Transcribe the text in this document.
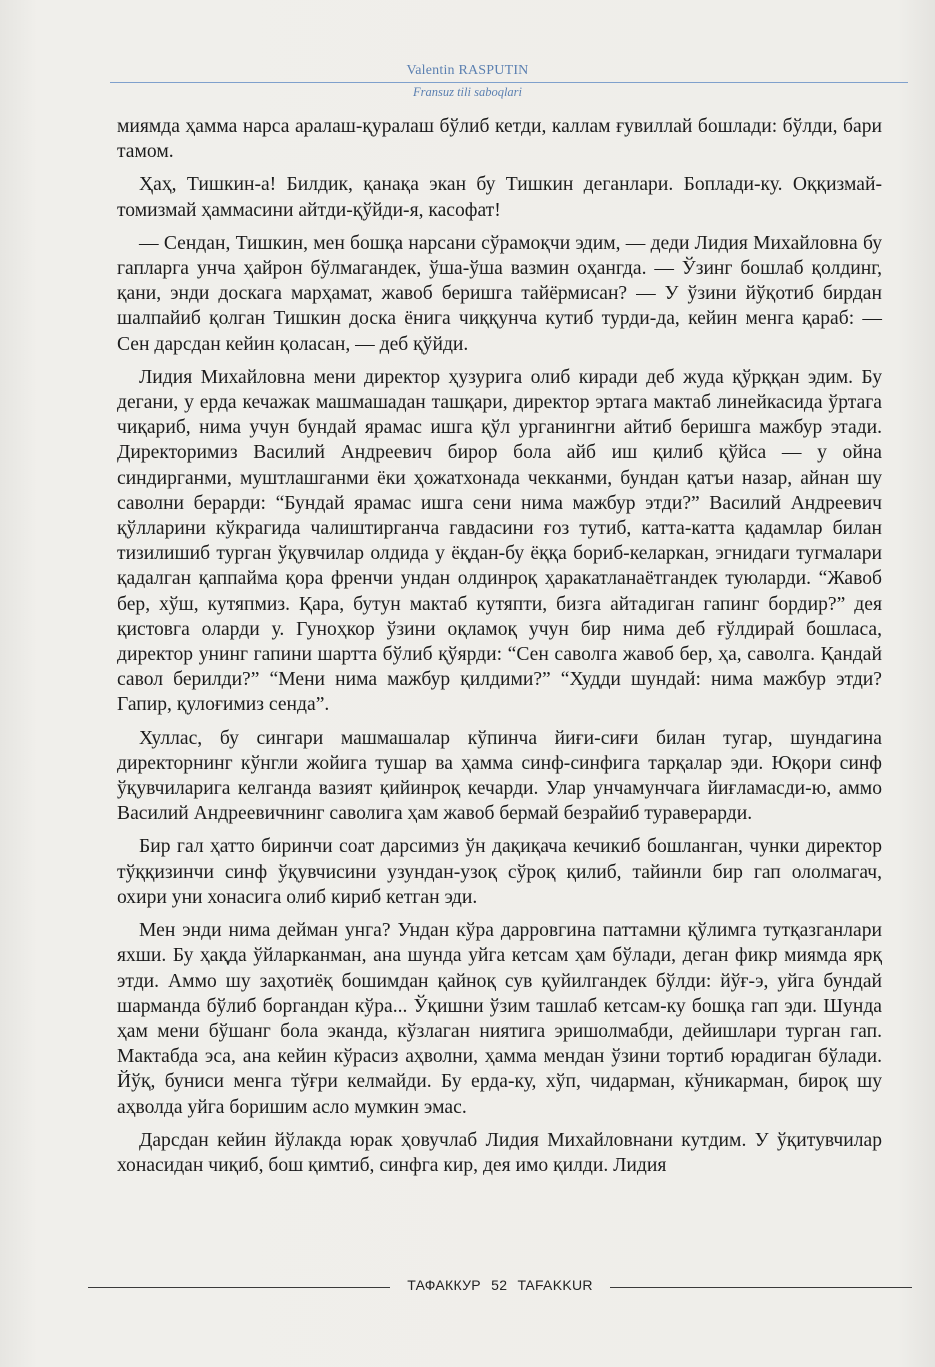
Valentin RASPUTIN
Fransuz tili saboqlari

миямда ҳамма нарса аралаш-қуралаш бўлиб кетди, каллам ғувиллай бошлади: бўлди, бари тамом.

Ҳаҳ, Тишкин-а! Билдик, қанақа экан бу Тишкин деганлари. Боплади-ку. Оққизмай-томизмай ҳаммасини айтди-қўйди-я, касофат!

— Сендан, Тишкин, мен бошқа нарсани сўрамоқчи эдим, — деди Лидия Михайловна бу гапларга унча ҳайрон бўлмагандек, ўша-ўша вазмин оҳангда. — Ўзинг бошлаб қолдинг, қани, энди доскага марҳамат, жавоб беришга тайёрмисан? — У ўзини йўқотиб бирдан шалпайиб қолган Тишкин доска ёнига чиққунча кутиб турди-да, кейин менга қараб: — Сен дарсдан кейин қоласан, — деб қўйди.

Лидия Михайловна мени директор ҳузурига олиб киради деб жуда қўрққан эдим. Бу дегани, у ерда кечажак машмашадан ташқари, директор эртага мактаб линейкасида ўртага чиқариб, нима учун бундай ярамас ишга қўл урганингни айтиб беришга мажбур этади. Директоримиз Василий Андреевич бирор бола айб иш қилиб қўйса — у ойна синдирганми, муштлашганми ёки ҳожатхонада чекканми, бундан қатъи назар, айнан шу саволни берарди: “Бундай ярамас ишга сени нима мажбур этди?” Василий Андреевич қўлларини кўкрагида чалиштирганча гавдасини ғоз тутиб, катта-катта қадамлар билан тизилишиб турган ўқувчилар олдида у ёқдан-бу ёққа бориб-келаркан, эгнидаги тугмалари қадалган қаппайма қора френчи ундан олдинроқ ҳаракатланаётгандек туюларди. “Жавоб бер, хўш, кутяпмиз. Қара, бутун мактаб кутяпти, бизга айтадиган гапинг бордир?” дея қистовга оларди у. Гуноҳкор ўзини оқламоқ учун бир нима деб ғўлдирай бошласа, директор унинг гапини шартта бўлиб қўярди: “Сен саволга жавоб бер, ҳа, саволга. Қандай савол берилди?” “Мени нима мажбур қилдими?” “Худди шундай: нима мажбур этди? Гапир, қулоғимиз сенда”.

Хуллас, бу сингари машмашалар кўпинча йиғи-сиғи билан тугар, шундагина директорнинг кўнгли жойига тушар ва ҳамма синф-синфига тарқалар эди. Юқори синф ўқувчиларига келганда вазият қийинроқ кечарди. Улар унчамунчага йиғламасди-ю, аммо Василий Андреевичнинг саволига ҳам жавоб бермай безрайиб тураверарди.

Бир гал ҳатто биринчи соат дарсимиз ўн дақиқача кечикиб бошланган, чунки директор тўққизинчи синф ўқувчисини узундан-узоқ сўроқ қилиб, тайинли бир гап ололмагач, охири уни хонасига олиб кириб кетган эди.

Мен энди нима дейман унга? Ундан кўра дарровгина паттамни қўлимга тутқазганлари яхши. Бу ҳақда ўйларканман, ана шунда уйга кетсам ҳам бўлади, деган фикр миямда ярқ этди. Аммо шу заҳотиёқ бошимдан қайноқ сув қуйилгандек бўлди: йўғ-э, уйга бундай шарманда бўлиб боргандан кўра... Ўқишни ўзим ташлаб кетсам-ку бошқа гап эди. Шунда ҳам мени бўшанг бола эканда, кўзлаган ниятига эришолмабди, дейишлари турган гап. Мактабда эса, ана кейин кўрасиз аҳволни, ҳамма мендан ўзини тортиб юрадиган бўлади. Йўқ, буниси менга тўғри келмайди. Бу ерда-ку, хўп, чидарман, кўникарман, бироқ шу аҳволда уйга боришим асло мумкин эмас.

Дарсдан кейин йўлакда юрак ҳовучлаб Лидия Михайловнани кутдим. У ўқитувчилар хонасидан чиқиб, бош қимтиб, синфга кир, дея имо қилди. Лидия

ТАФАККУР 52 TAFAKKUR
